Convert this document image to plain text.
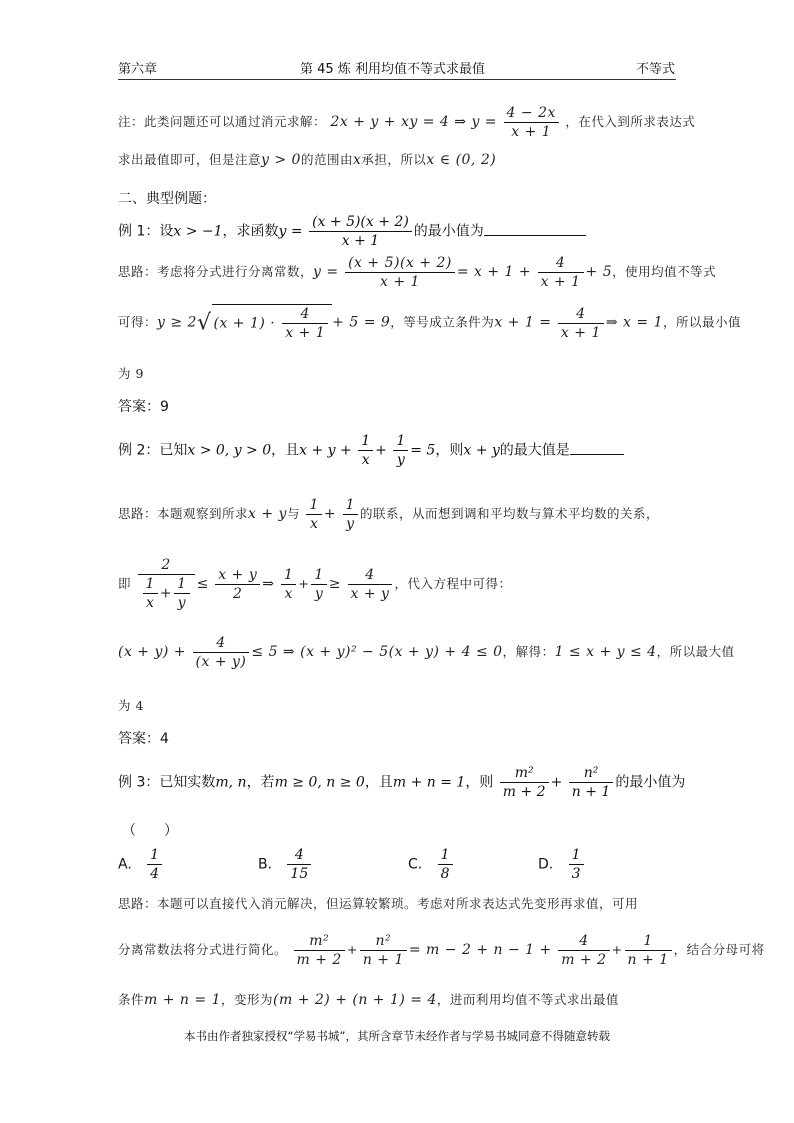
第六章	第 45 炼 利用均值不等式求最值	不等式
注：此类问题还可以通过消元求解： 2x + y + xy = 4 ⇒ $y = \frac{4 - 2x}{x + 1}$ ，在代入到所求表达式
求出最值即可，但是注意y > 0的范围由x承担，所以x ∈ (0, 2)
二、典型例题：
例 1：设x > −1，求函数$y = \frac{(x + 5)(x + 2)}{x + 1}$ 的最小值为
思路：考虑将分式进行分离常数，$y = \frac{(x + 5)(x + 2)}{x + 1} = x + 1 + \frac{4}{x + 1} + 5$，使用均值不等式
可得：y ≥ 2√ $(x + 1) \cdot \frac{4}{x + 1} + 5 = 9$，等号成立条件为$x + 1 = \frac{4}{x + 1}$ ⇒ x = 1，所以最小值
为 9
答案：9
例 2：已知x > 0, y > 0，且$x + y + \frac{1}{x} + \frac{1}{y} = 5$，则x + y的最大值是
思路：本题观察到所求x + y与 $\frac{1}{x} + \frac{1}{y}$ 的联系，从而想到调和平均数与算术平均数的关系，
即 $\frac{2}{\frac{1}{x} + \frac{1}{y}} \le \frac{x + y}{2}$ ⇒ $\frac{1}{x} + \frac{1}{y} \ge \frac{4}{x + y}$ ，代入方程中可得：
$(x + y) + \frac{4}{(x + y)} \le 5$ ⇒ (x + y)² − 5(x + y) + 4 ≤ 0，解得：1 ≤ x + y ≤ 4，所以最大值
为 4
答案：4
例 3：已知实数m, n，若m ≥ 0, n ≥ 0，且m + n = 1，则 $\frac{\text{m²}}{m + 2} + \frac{\text{n²}}{n + 1}$ 的最小值为
（　　）
A. $\frac{1}{4}$	B. $\frac{4}{15}$	C. $\frac{1}{8}$	D. $\frac{1}{3}$
思路：本题可以直接代入消元解决，但运算较繁琐。考虑对所求表达式先变形再求值，可用
分离常数法将分式进行简化。 $\frac{\text{m²}}{m + 2} + \frac{\text{n²}}{n + 1} = m - 2 + n - 1 + \frac{4}{m + 2} + \frac{1}{n + 1}$ ，结合分母可将
条件m + n = 1，变形为(m + 2) + (n + 1) = 4，进而利用均值不等式求出最值
本书由作者独家授权“学易书城”，其所含章节未经作者与学易书城同意不得随意转载
